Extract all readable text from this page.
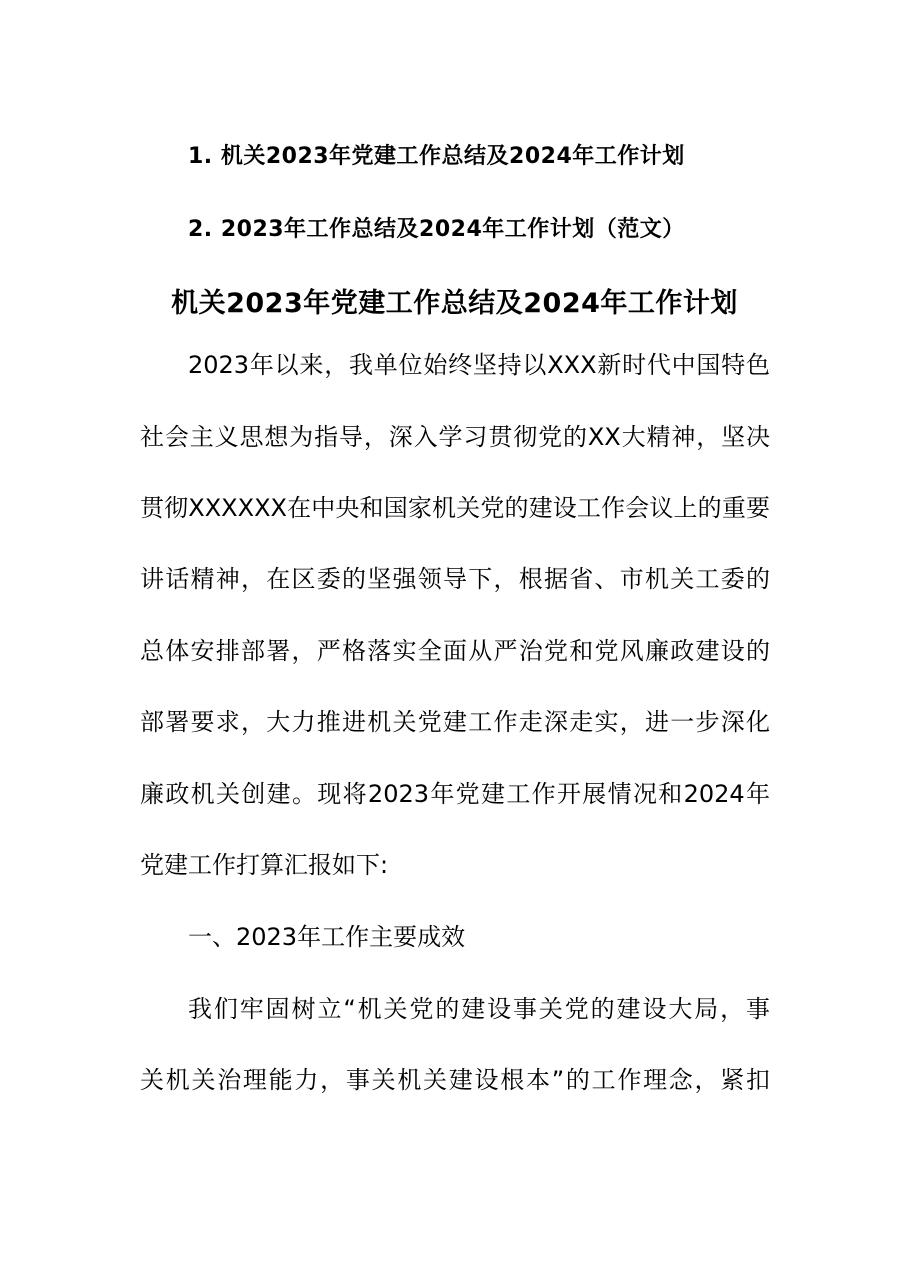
1. 机关2023年党建工作总结及2024年工作计划
2. 2023年工作总结及2024年工作计划（范文）
机关2023年党建工作总结及2024年工作计划
2023年以来，我单位始终坚持以XXX新时代中国特色
社会主义思想为指导，深入学习贯彻党的XX大精神，坚决
贯彻XXXXXX在中央和国家机关党的建设工作会议上的重要
讲话精神，在区委的坚强领导下，根据省、市机关工委的
总体安排部署，严格落实全面从严治党和党风廉政建设的
部署要求，大力推进机关党建工作走深走实，进一步深化
廉政机关创建。现将2023年党建工作开展情况和2024年
党建工作打算汇报如下:
一、2023年工作主要成效
我们牢固树立“机关党的建设事关党的建设大局，事
关机关治理能力，事关机关建设根本”的工作理念，紧扣
